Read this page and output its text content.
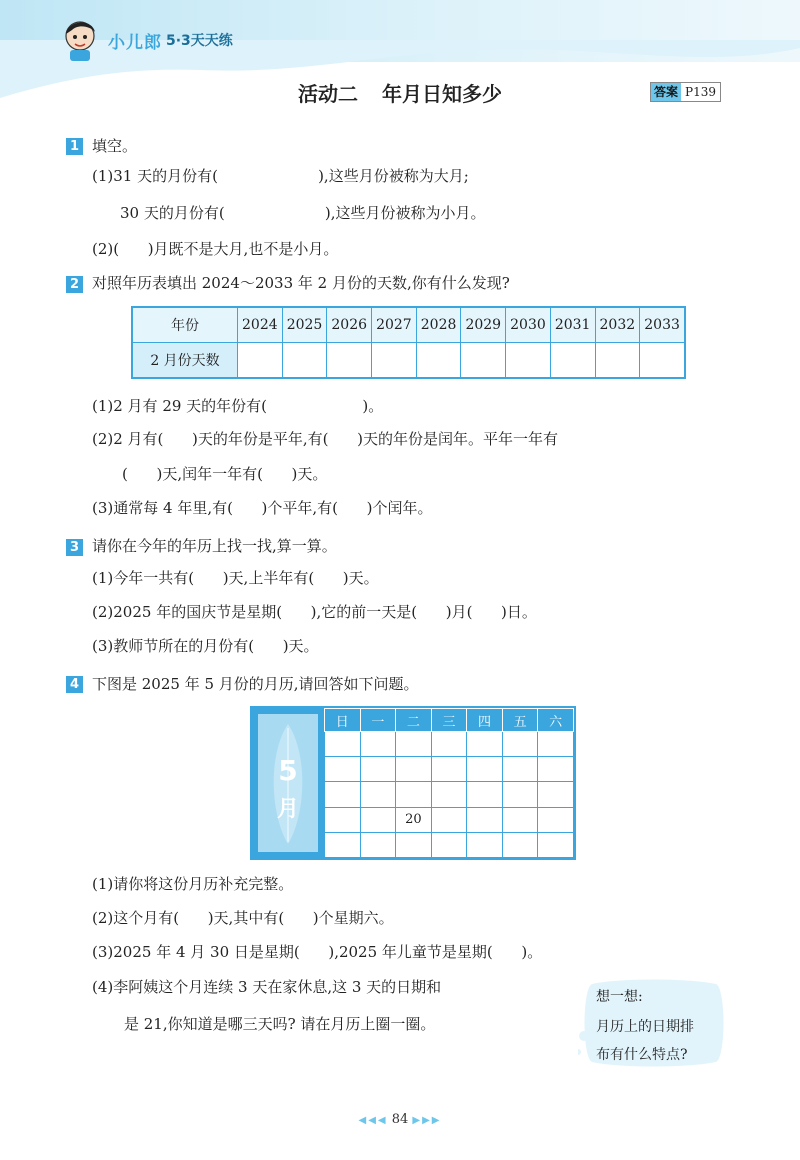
小儿郎 5·3天天练
活动二 年月日知多少	答案 P139
1 填空。
(1)31 天的月份有(                     ),这些月份被称为大月;
30 天的月份有(                     ),这些月份被称为小月。
(2)(      )月既不是大月,也不是小月。
2 对照年历表填出 2024～2033 年 2 月份的天数,你有什么发现?
年份	2024	2025	2026	2027	2028	2029	2030	2031	2032	2033
2 月份天数										
(1)2 月有 29 天的年份有(                    )。
(2)2 月有(      )天的年份是平年,有(      )天的年份是闰年。平年一年有
(      )天,闰年一年有(      )天。
(3)通常每 4 年里,有(      )个平年,有(      )个闰年。
3 请你在今年的年历上找一找,算一算。
(1)今年一共有(      )天,上半年有(      )天。
(2)2025 年的国庆节是星期(      ),它的前一天是(      )月(      )日。
(3)教师节所在的月份有(      )天。
4 下图是 2025 年 5 月份的月历,请回答如下问题。
5
月
日	一	二	三	四	五	六

		20				

(1)请你将这份月历补充完整。
(2)这个月有(      )天,其中有(      )个星期六。
(3)2025 年 4 月 30 日是星期(      ),2025 年儿童节是星期(      )。
(4)李阿姨这个月连续 3 天在家休息,这 3 天的日期和
是 21,你知道是哪三天吗? 请在月历上圈一圈。
想一想:
月历上的日期排
布有什么特点?
◀◀◀ 84 ▶▶▶
